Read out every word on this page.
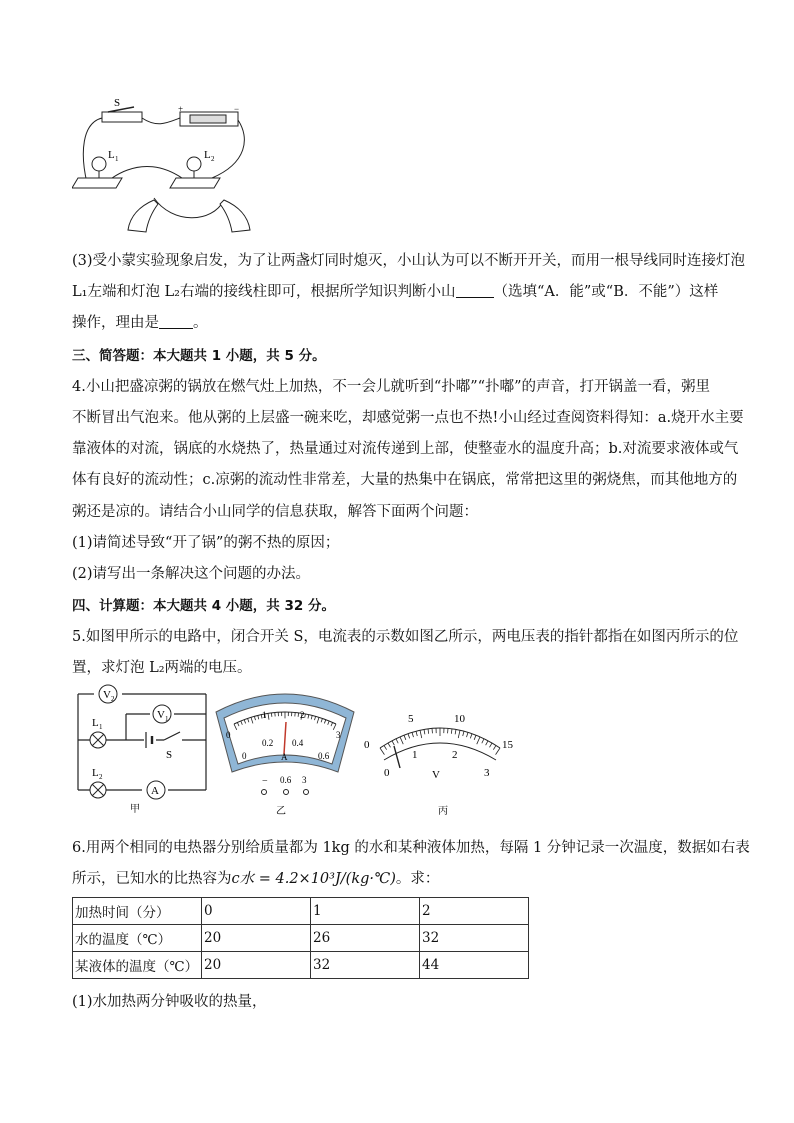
S	+	−
L 1	L 2
(3)受小蒙实验现象启发，为了让两盏灯同时熄灭，小山认为可以不断开开关，而用一根导线同时连接灯泡
L₁左端和灯泡 L₂右端的接线柱即可，根据所学知识判断小山	（选填“A．能”或“B．不能”）这样
操作，理由是 。
三、简答题：本大题共 1 小题，共 5 分。
4.小山把盛凉粥的锅放在燃气灶上加热，不一会儿就听到“扑嘟”“扑嘟”的声音，打开锅盖一看，粥里
不断冒出气泡来。他从粥的上层盛一碗来吃，却感觉粥一点也不热!小山经过查阅资料得知：a.烧开水主要
靠液体的对流，锅底的水烧热了，热量通过对流传递到上部，使整壶水的温度升高；b.对流要求液体或气
体有良好的流动性；c.凉粥的流动性非常差，大量的热集中在锅底，常常把这里的粥烧焦，而其他地方的
粥还是凉的。请结合小山同学的信息获取，解答下面两个问题：
(1)请简述导致“开了锅”的粥不热的原因；
(2)请写出一条解决这个问题的办法。
四、计算题：本大题共 4 小题，共 32 分。
5.如图甲所示的电路中，闭合开关 S，电流表的示数如图乙所示，两电压表的指针都指在如图丙所示的位
置，求灯泡 L₂两端的电压。
V 2
V 1
L 1
L 2
S
A
甲
0
1	2
3
0
0.2 0.4
0.6
A
− 0.6 3
乙
0
5	10
15
0
1	2
3
V
丙
6.用两个相同的电热器分别给质量都为 1kg 的水和某种液体加热，每隔 1 分钟记录一次温度，数据如右表
所示，已知水的比热容为c水 = 4.2×10³J/(kg·℃)。求：
加热时间（分）	0	1	2
水的温度（℃）	20	26	32
某液体的温度（℃）	20	32	44
(1)水加热两分钟吸收的热量，
